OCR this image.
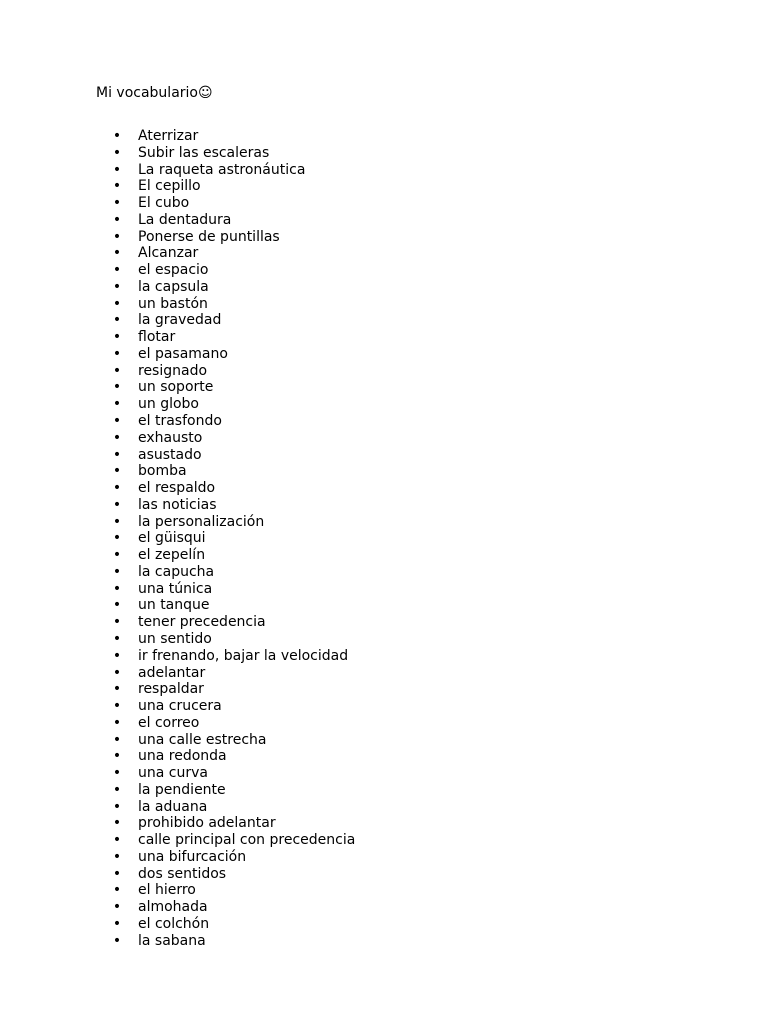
Mi vocabulario☺
• Aterrizar
• Subir las escaleras
• La raqueta astronáutica
• El cepillo
• El cubo
• La dentadura
• Ponerse de puntillas
• Alcanzar
• el espacio
• la capsula
• un bastón
• la gravedad
• flotar
• el pasamano
• resignado
• un soporte
• un globo
• el trasfondo
• exhausto
• asustado
• bomba
• el respaldo
• las noticias
• la personalización
• el güisqui
• el zepelín
• la capucha
• una túnica
• un tanque
• tener precedencia
• un sentido
• ir frenando, bajar la velocidad
• adelantar
• respaldar
• una crucera
• el correo
• una calle estrecha
• una redonda
• una curva
• la pendiente
• la aduana
• prohibido adelantar
• calle principal con precedencia
• una bifurcación
• dos sentidos
• el hierro
• almohada
• el colchón
• la sabana
